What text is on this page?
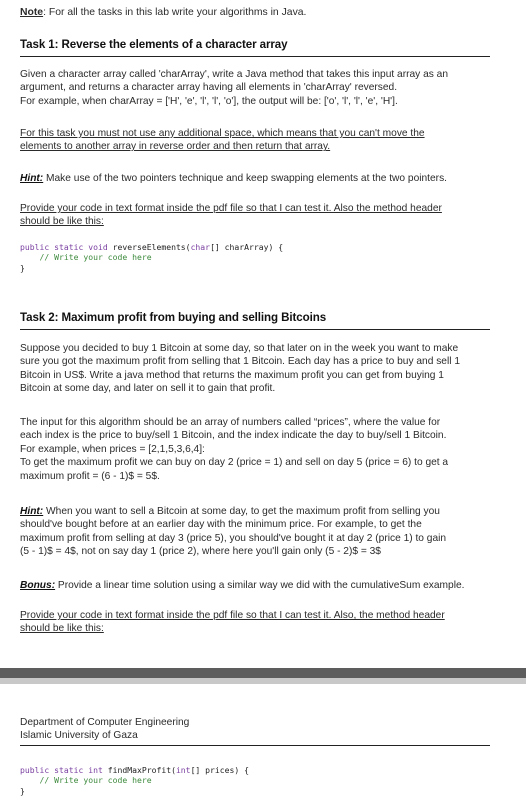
Note: For all the tasks in this lab write your algorithms in Java.

Task 1: Reverse the elements of a character array

Given a character array called 'charArray', write a Java method that takes this input array as an
argument, and returns a character array having all elements in 'charArray' reversed.
For example, when charArray = ['H', 'e', 'l', 'l', 'o'], the output will be: ['o', 'l', 'l', 'e', 'H'].

For this task you must not use any additional space, which means that you can't move the
elements to another array in reverse order and then return that array.

Hint: Make use of the two pointers technique and keep swapping elements at the two pointers.

Provide your code in text format inside the pdf file so that I can test it. Also the method header
should be like this:

public static void reverseElements(char[] charArray) {
// Write your code here
}

Task 2: Maximum profit from buying and selling Bitcoins

Suppose you decided to buy 1 Bitcoin at some day, so that later on in the week you want to make
sure you got the maximum profit from selling that 1 Bitcoin. Each day has a price to buy and sell 1
Bitcoin in US$. Write a java method that returns the maximum profit you can get from buying 1
Bitcoin at some day, and later on sell it to gain that profit.

The input for this algorithm should be an array of numbers called “prices”, where the value for
each index is the price to buy/sell 1 Bitcoin, and the index indicate the day to buy/sell 1 Bitcoin.
For example, when prices = [2,1,5,3,6,4]:
To get the maximum profit we can buy on day 2 (price = 1) and sell on day 5 (price = 6) to get a
maximum profit = (6 - 1)$ = 5$.

Hint: When you want to sell a Bitcoin at some day, to get the maximum profit from selling you
should've bought before at an earlier day with the minimum price. For example, to get the
maximum profit from selling at day 3 (price 5), you should've bought it at day 2 (price 1) to gain
(5 - 1)$ = 4$, not on say day 1 (price 2), where here you'll gain only (5 - 2)$ = 3$

Bonus: Provide a linear time solution using a similar way we did with the cumulativeSum example.

Provide your code in text format inside the pdf file so that I can test it. Also, the method header
should be like this:

Department of Computer Engineering
Islamic University of Gaza

public static int findMaxProfit(int[] prices) {
// Write your code here
}
